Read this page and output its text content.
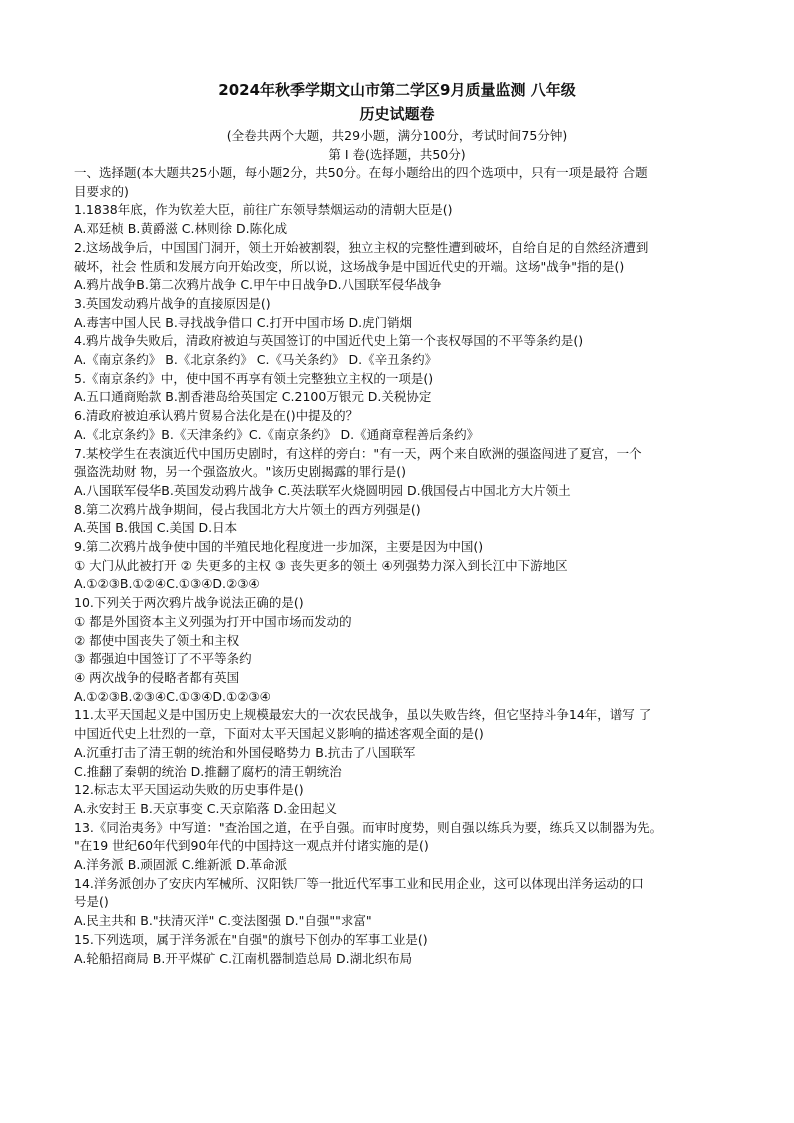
2024年秋季学期文山市第二学区9月质量监测 八年级

历史试题卷

(全卷共两个大题，共29小题，满分100分，考试时间75分钟)

第 I 卷(选择题，共50分)

一、选择题(本大题共25小题，每小题2分，共50分。在每小题给出的四个选项中，只有一项是最符 合题

目要求的)

1.1838年底，作为钦差大臣，前往广东领导禁烟运动的清朝大臣是()

A.邓廷桢 B.黄爵滋 C.林则徐 D.陈化成

2.这场战争后，中国国门洞开，领土开始被割裂，独立主权的完整性遭到破坏，自给自足的自然经济遭到

破坏，社会 性质和发展方向开始改变，所以说，这场战争是中国近代史的开端。这场"战争"指的是()

A.鸦片战争B.第二次鸦片战争 C.甲午中日战争D.八国联军侵华战争

3.英国发动鸦片战争的直接原因是()

A.毒害中国人民 B.寻找战争借口 C.打开中国市场 D.虎门销烟

4.鸦片战争失败后，清政府被迫与英国签订的中国近代史上第一个丧权辱国的不平等条约是()

A.《南京条约》 B.《北京条约》 C.《马关条约》 D.《辛丑条约》

5.《南京条约》中，使中国不再享有领土完整独立主权的一项是()

A.五口通商贻款 B.割香港岛给英国定 C.2100万银元 D.关税协定

6.清政府被迫承认鸦片贸易合法化是在()中提及的？

A.《北京条约》B.《天津条约》C.《南京条约》 D.《通商章程善后条约》

7.某校学生在表演近代中国历史剧时，有这样的旁白："有一天，两个来自欧洲的强盗闯进了夏宫，一个

强盗洗劫财 物，另一个强盗放火。"该历史剧揭露的罪行是()

A.八国联军侵华B.英国发动鸦片战争 C.英法联军火烧圆明园 D.俄国侵占中国北方大片领土

8.第二次鸦片战争期间，侵占我国北方大片领土的西方列强是()

A.英国 B.俄国 C.美国 D.日本

9.第二次鸦片战争使中国的半殖民地化程度进一步加深，主要是因为中国()

① 大门从此被打开 ② 失更多的主权 ③ 丧失更多的领土 ④列强势力深入到长江中下游地区

A.①②③B.①②④C.①③④D.②③④

10.下列关于两次鸦片战争说法正确的是()

① 都是外国资本主义列强为打开中国市场而发动的

② 都使中国丧失了领土和主权

③ 都强迫中国签订了不平等条约

④ 两次战争的侵略者都有英国

A.①②③B.②③④C.①③④D.①②③④

11.太平天国起义是中国历史上规模最宏大的一次农民战争，虽以失败告终，但它坚持斗争14年，谱写 了

中国近代史上壮烈的一章，下面对太平天国起义影响的描述客观全面的是()

A.沉重打击了清王朝的统治和外国侵略势力 B.抗击了八国联军

C.推翻了秦朝的统治 D.推翻了腐朽的清王朝统治

12.标志太平天国运动失败的历史事件是()

A.永安封王 B.天京事变 C.天京陷落 D.金田起义

13.《同治夷务》中写道："查治国之道，在乎自强。而审时度势，则自强以练兵为要，练兵又以制器为先。

"在19 世纪60年代到90年代的中国持这一观点并付诸实施的是()

A.洋务派 B.顽固派 C.维新派 D.革命派

14.洋务派创办了安庆内军械所、汉阳铁厂等一批近代军事工业和民用企业，这可以体现出洋务运动的口

号是()

A.民主共和 B."扶清灭洋" C.变法图强 D."自强""求富"

15.下列选项，属于洋务派在"自强"的旗号下创办的军事工业是()

A.轮船招商局 B.开平煤矿 C.江南机器制造总局 D.湖北织布局
